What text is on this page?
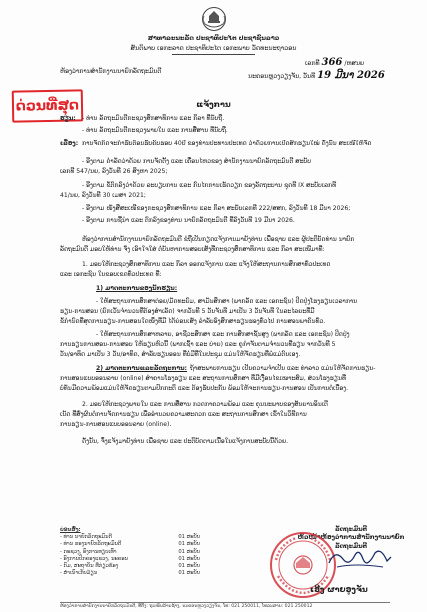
ສາທາລະນະລັດ ປະຊາທິປະໄຕ ປະຊາຊົນລາວ
ສັນຕິພາບ ເອກະລາດ ປະຊາທິປະໄຕ ເອກະພາບ ວັດທະນະຖາວອນ
ເລກທີ 366 /ຫສນຍ
ຫ້ອງວ່າການສຳນັກງານນາຍົກລັດຖະມົນຕີ
ນະຄອນຫຼວງວຽງຈັນ, ວັນທີ 19 ມີນາ 2026
ດ່ວນທີ່ສຸດ	ແຈ້ງການ
ຮຽນ: - ທ່ານ ລັດຖະມົນຕີກະຊວງສຶກສາທິການ ແລະ ກິລາ ທີ່ນັບຖື.
- ທ່ານ ລັດຖະມົນຕີກະຊວງພາຍໃນ ແລະ ການສື່ສານ ທີ່ນັບຖື.
ເລື່ອງ: ການຈັດກິດຈະກຳຮັບຕ້ອນຮັບຄົບຮອບ 40ປີ ຂອງທ່ານປະທານປະເທດ ວ່າດ້ວຍການເປີດສົກຮຽນໃໝ່ ດັ່ງນັ້ນ ສະເໜີໃຫ້ຈັດ
- ອີງຕາມ ດຳລັດວ່າດ້ວຍ ການຈັດຕັ້ງ ແລະ ເຄື່ອນໄຫວຂອງ ສຳນັກງານນາຍົກລັດຖະມົນຕີ ສະບັບ
ເລກທີ 547/ນຍ, ລົງວັນທີ 26 ສິງຫາ 2025;
- ອີງຕາມ ຂໍ້ຕົກລົງວ່າດ້ວຍ ລະບຽບການ ແລະ ກົນໄກການເຮັດວຽກ ຂອງລັດຖະບານ ຊຸດທີ IX ສະບັບເລກທີ
41/ນຍ, ລົງວັນທີ 30 ເມສາ 2021;
- ອີງຕາມ ໜັງສືສະເໜີຂອງກະຊວງສຶກສາທິການ ແລະ ກິລາ ສະບັບເລກທີ 222/ສສກ, ລົງວັນທີ 18 ມີນາ 2026;
- ອີງຕາມ ການຊີ້ນຳ ແລະ ຕົກລົງຂອງທ່ານ ນາຍົກລັດຖະມົນຕີ ທີ່ລົງວັນທີ 19 ມີນາ 2026.
ຫ້ອງວ່າການສຳນັກງານນາຍົກລັດຖະມົນຕີ ຂໍຖືເປັນກຽດແຈ້ງການມາຍັງທ່ານ ເພື່ອຊາບ ແລະ ຜູ້ປະຕິບັດທ່ານ ນາຍົກ
ລັດຖະມົນຕີ ມອບໃຫ້ທ່ານ ຈົ່ງ ເອົາໃຈໃສ່ ຕໍ່ບັນຫາການສອບເສັງທີ່ກະຊວງສຶກສາທິການ ແລະ ກິລາ ສະເໜີມາທີ່:
1. ມອບໃຫ້ກະຊວງສຶກສາທິການ ແລະ ກິລາ ອອກແຈ້ງການ ແລະ ແຈ້ງໃຫ້ສະຖານການສຶກສາທົ່ວປະເທດ
ແລະ ເອກະຊົນ ໃນຂອບເຂດທົ່ວປະເທດ ທີ່:
1) ມາດຕະການຂອງນັກຮຽນ:
- ໃຫ້ສະຖານການສຶກສາຕ່ອຍ/ມັດທະຍົມ, ສາມັນສຶກສາ (ພາກລັດ ແລະ ເອກະຊົນ) ປິດປຸ່ງໂຮງຮຽນເວລາການ
ຮຽນ-ການສອນ (ຍົກເວັ້ນຈຳນວນທີ່ຕ້ອງສຳເລັດ) ຈາກວັນທີ 5 ວັນຈັນທີ ມາເປັນ 3 ວັນຈັນທີ ໃນລະໄລຍະທີ່ມີ
ຂໍ້ກຳນົດທີ່ສຸດການຮຽນ-ການສອນໃດໜຶ່ງທີ່ມີ ໄດ້ຍ່ອນເສັງ ລຳລັບອົງສຶກສາຮຽນຮອງທົ່ວໄປ ການສອນພາຄົນທົ່ວ.
- ໃຫ້ສະຖານການສຶກສາຫລາຍ, ອາຊີວະສຶກສາ ແລະ ການສຶກສາຊັ້ນສູງ (ພາກລັດ ແລະ ເອກະຊົນ) ປິດປຸ່ງ
ການຮຽນການສອນ-ການສອບ ໃຫ້ຮຽນຫົວນີ້ (ພາກເຊົ້າ ແລະ ບ່າຍ) ແລະ ຄູກຳຈັນຕາມຈຳນວນທີ່ຮຽນ ຈາກວັນທີ 5
ວັນ/ອາທິດ ມາເປັນ 3 ວັນ/ອາທິດ, ສຳລັບຮຽນອອນ ທີ່ບໍ່ມີທີ່ໃນປະຊຸມ ແມ່ນໃຫ້ຈັດຮຽນທີ່ພໍ່ແມ່ຕົນເອງ.
2) ມາດຕະການແລະລັດຖະການ: ຖ້າສະພາບການຮຽນ ເປັນຄວາມຈຳເປັນ ແລະ ທ່າລາວ ແມ່ນໃຫ້ຈັດການຮຽນ-
ການສອນແບບອອນລາຍ (online) ສຳຄານໂຮງຮຽນ ແລະ ສະຖານການສຶກສາ ທີ່ມີເງື່ອນໄຂເໝາະສົມ, ສ່ວນໂຮງຮຽນທີ່
ບໍ່ທັນມີຄວາມພ້ອມແມ່ນໃຫ້ຈັດຮຽນຕາມປົກກະຕິ ແລະ ຕ້ອງຮັບປະກັນ ພ້ອມໃຫ້ຈະການຮຽນ-ການສອນ ເປັນການຕໍ່ເນື່ອງ.
2. ມອບໃຫ້ກະຊວງພາຍໃນ ແລະ ການສື່ສານ ກວດກາຄວາມພ້ອມ ແລະ ຄຸນນະພາບຂອງສັນຍານອິນເຕີ
ເນັດ ທີ່ສົ່ງຜົນຕໍ່ການຈັດການຮຽນ ເພື່ອອຳນວຍຄວາມສະດວກ ແລະ ສະຖານການສຶກສາ ເຂົ້າໃນວິທີການ
ການຮຽນ-ການສອນແບບອອນລາຍ (online).
ດັ່ງນັ້ນ, ຈຶ່ງແຈ້ງມາຍັງທ່ານ ເພື່ອຊາບ ແລະ ປະຕິບັດຕາມເນື້ອໃນແຈ້ງການສະບັບນີ້ດ້ວຍ.
ບ່ອນສົ່ງ:
- ທ່ານ ນາຍົກລັດຖະມົນຕີ	01 ສະບັບ
- ທ່ານ ຮອງນາຍົກລັດຖະມົນຕີ	01 ສະບັບ
- ກະຊວງ, ອົງການທຽບເທົ່າ	01 ສະບັບ
- ອົງການປົກຄອງແຂວງ, ນະຄອນ	01 ສະບັບ
- ກົມ, ສະຖາບັນ ທີ່ກ່ຽວຂ້ອງ	01 ສະບັບ
- ສຳເນົາເກັບມ້ຽນ	01 ສະບັບ
ລັດຖະມົນຕີ
ຫົວໜ້າຫ້ອງວ່າການສຳນັກງານນາຍົກລັດຖະມົນຕີ
ເອີງ ຜາຍອູງຈັນ
ຫ້ອງວ່າການສຳນັກງານນາຍົກລັດຖະມົນຕີ, ທີ່ຕັ້ງ: ຖະໜົນລ້ານຊ້າງ, ນະຄອນຫຼວງວຽງຈັນ, ໂທ: 021 250011, ໂທລະສານ: 021 250012
